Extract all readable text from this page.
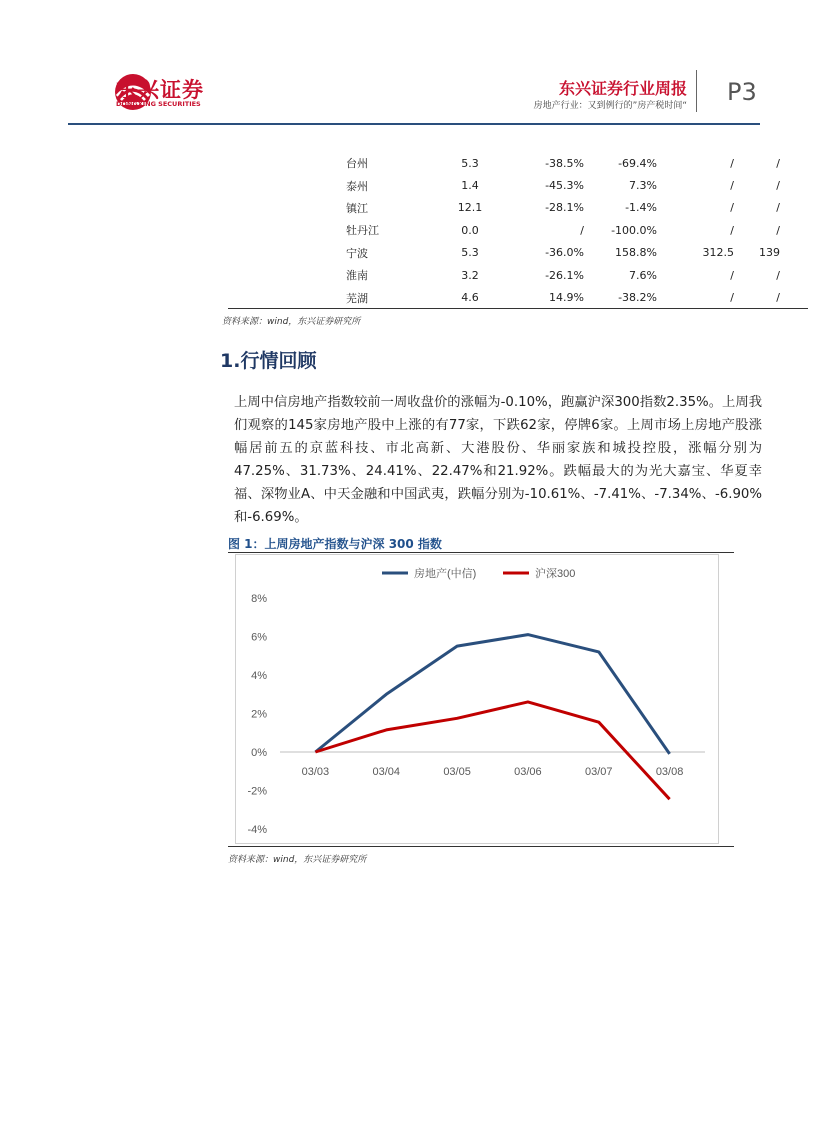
东兴证券
DONGXING SECURITIES
东兴证券行业周报
房地产行业：又到例行的”房产税时间“ P3
台州	5.3	-38.5%	-69.4%	/	/
泰州	1.4	-45.3%	7.3%	/	/
镇江	12.1	-28.1%	-1.4%	/	/
牡丹江	0.0	/	-100.0%	/	/
宁波	5.3	-36.0%	158.8%	312.5	139
淮南	3.2	-26.1%	7.6%	/	/
芜湖	4.6	14.9%	-38.2%	/	/
资料来源：wind，东兴证券研究所
1.行情回顾

上周中信房地产指数较前一周收盘价的涨幅为-0.10%，跑赢沪深300指数2.35%。上周我们观察的145家房地产股中上涨的有77家，下跌62家，停牌6家。上周市场上房地产股涨幅居前五的京蓝科技、市北高新、大港股份、华丽家族和城投控股，涨幅分别为47.25%、31.73%、24.41%、22.47%和21.92%。跌幅最大的为光大嘉宝、华夏幸福、深物业A、中天金融和中国武夷，跌幅分别为-10.61%、-7.41%、-7.34%、-6.90%和-6.69%。

图 1：上周房地产指数与沪深 300 指数
房地产(中信)	沪深300
8%
6%
4%
2%
0%
-2%
-4%
03/03	03/04	03/05	03/06	03/07	03/08
资料来源：wind，东兴证券研究所
